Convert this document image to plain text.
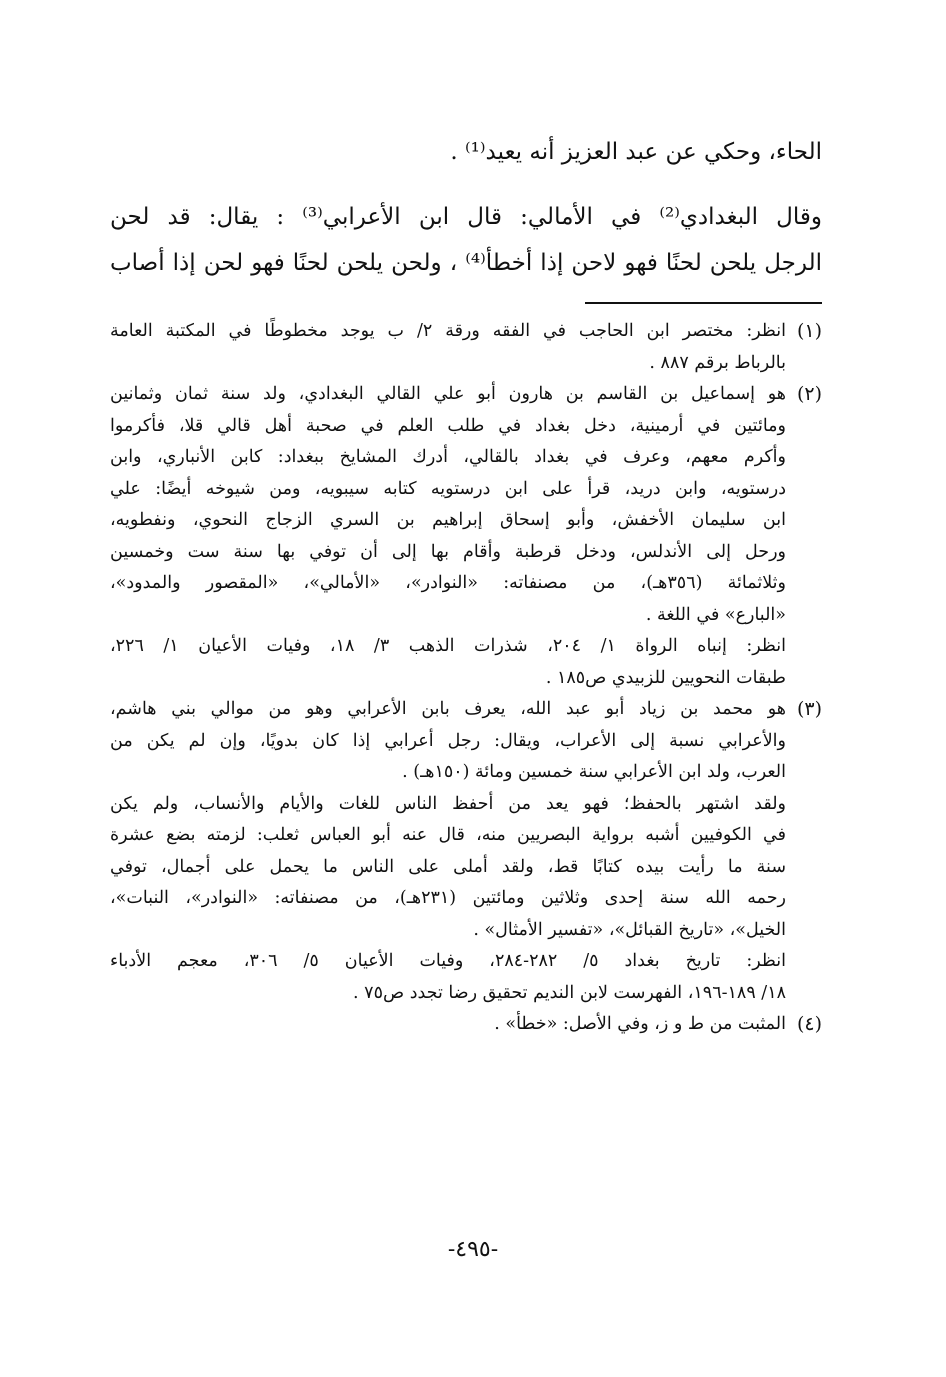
الحاء، وحكي عن عبد العزيز أنه يعيد⁽¹⁾ .
وقال البغدادي⁽²⁾ في الأمالي: قال ابن الأعرابي⁽³⁾ : يقال: قد لحن
الرجل يلحن لحنًا فهو لاحن إذا أخطأ⁽⁴⁾ ، ولحن يلحن لحنًا فهو لحن إذا أصاب
(١)
انظر: مختصر ابن الحاجب في الفقه ورقة ٢/ ب يوجد مخطوطًا في المكتبة العامة
بالرباط برقم ٨٨٧ .
(٢)
هو إسماعيل بن القاسم بن هارون أبو علي القالي البغدادي، ولد سنة ثمان وثمانين
ومائتين في أرمينية، دخل بغداد في طلب العلم في صحبة أهل قالي قلا، فأكرموا
وأكرم معهم، وعرف في بغداد بالقالي، أدرك المشايخ ببغداد: كابن الأنباري، وابن
درستويه، وابن دريد، قرأ على ابن درستويه كتابه سيبويه، ومن شيوخه أيضًا: علي
ابن سليمان الأخفش، وأبو إسحاق إبراهيم بن السري الزجاج النحوي، ونفطويه،
ورحل إلى الأندلس، ودخل قرطبة وأقام بها إلى أن توفي بها سنة ست وخمسين
وثلاثمائة (٣٥٦هـ)، من مصنفاته: «النوادر»، «الأمالي»، «المقصور والمدود»،
«البارع» في اللغة .
انظر: إنباه الرواة ١/ ٢٠٤، شذرات الذهب ٣/ ١٨، وفيات الأعيان ١/ ٢٢٦،
طبقات النحويين للزبيدي ص١٨٥ .
(٣)
هو محمد بن زياد أبو عبد الله، يعرف بابن الأعرابي وهو من موالي بني هاشم،
والأعرابي نسبة إلى الأعراب، ويقال: رجل أعرابي إذا كان بدويًا، وإن لم يكن من
العرب، ولد ابن الأعرابي سنة خمسين ومائة (١٥٠هـ) .
ولقد اشتهر بالحفظ؛ فهو يعد من أحفظ الناس للغات والأيام والأنساب، ولم يكن
في الكوفيين أشبه برواية البصريين منه، قال عنه أبو العباس ثعلب: لزمته بضع عشرة
سنة ما رأيت بيده كتابًا قط، ولقد أملى على الناس ما يحمل على أجمال، توفي
رحمه الله سنة إحدى وثلاثين ومائتين (٢٣١هـ)، من مصنفاته: «النوادر»، النبات»،
الخيل»، «تاريخ القبائل»، «تفسير الأمثال» .
انظر: تاريخ بغداد ٥/ ٢٨٢-٢٨٤، وفيات الأعيان ٥/ ٣٠٦، معجم الأدباء
١٨/ ١٨٩-١٩٦، الفهرست لابن النديم تحقيق رضا تجدد ص٧٥ .
(٤)
المثبت من ط و ز، وفي الأصل: «خطأ» .
-٤٩٥-
